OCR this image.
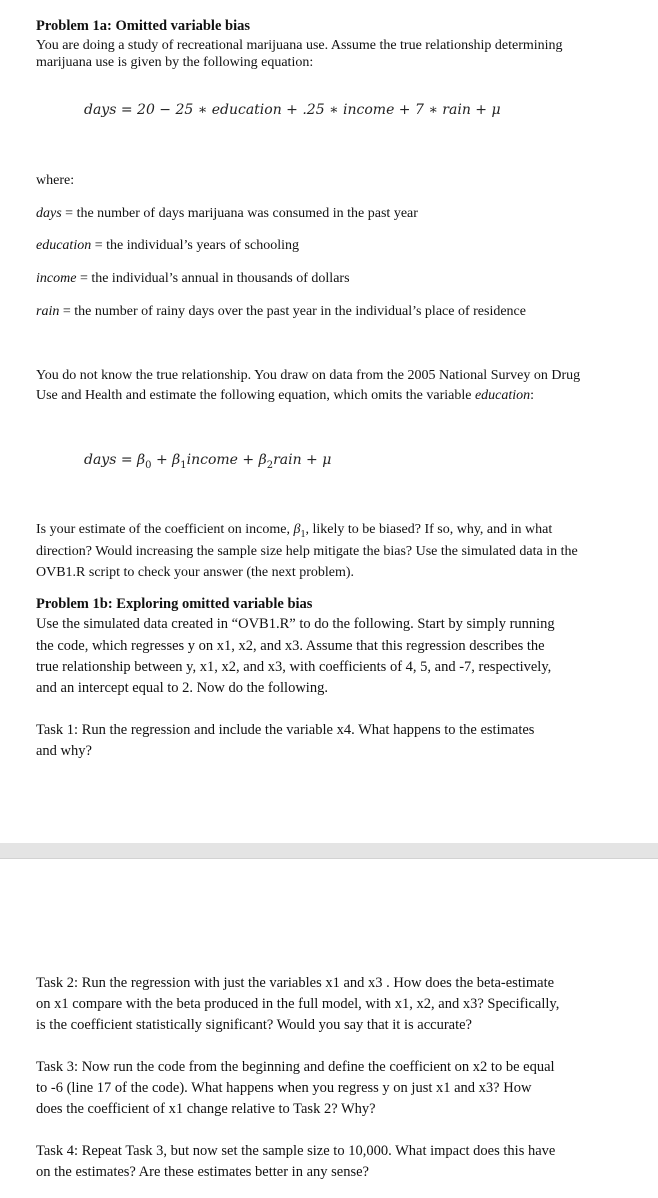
Problem 1a: Omitted variable bias

You are doing a study of recreational marijuana use. Assume the true relationship determining

marijuana use is given by the following equation:

days = 20 − 25 ∗ education + .25 ∗ income + 7 ∗ rain + μ

where:

days = the number of days marijuana was consumed in the past year

education = the individual’s years of schooling

income = the individual’s annual in thousands of dollars

rain = the number of rainy days over the past year in the individual’s place of residence

You do not know the true relationship. You draw on data from the 2005 National Survey on Drug

Use and Health and estimate the following equation, which omits the variable education:

days = $\beta_0$ + $\beta_1income$ + $\beta_2rain + \mu$

Is your estimate of the coefficient on income, $\beta_1$, likely to be biased? If so, why, and in what

direction? Would increasing the sample size help mitigate the bias? Use the simulated data in the

OVB1.R script to check your answer (the next problem).

Problem 1b: Exploring omitted variable bias

Use the simulated data created in “OVB1.R” to do the following. Start by simply running

the code, which regresses y on x1, x2, and x3. Assume that this regression describes the

true relationship between y, x1, x2, and x3, with coefficients of 4, 5, and -7, respectively,

and an intercept equal to 2. Now do the following.

Task 1: Run the regression and include the variable x4. What happens to the estimates

and why?

Task 2: Run the regression with just the variables x1 and x3 . How does the beta-estimate

on x1 compare with the beta produced in the full model, with x1, x2, and x3? Specifically,

is the coefficient statistically significant? Would you say that it is accurate?

Task 3: Now run the code from the beginning and define the coefficient on x2 to be equal

to -6 (line 17 of the code). What happens when you regress y on just x1 and x3? How

does the coefficient of x1 change relative to Task 2? Why?

Task 4: Repeat Task 3, but now set the sample size to 10,000. What impact does this have

on the estimates? Are these estimates better in any sense?
